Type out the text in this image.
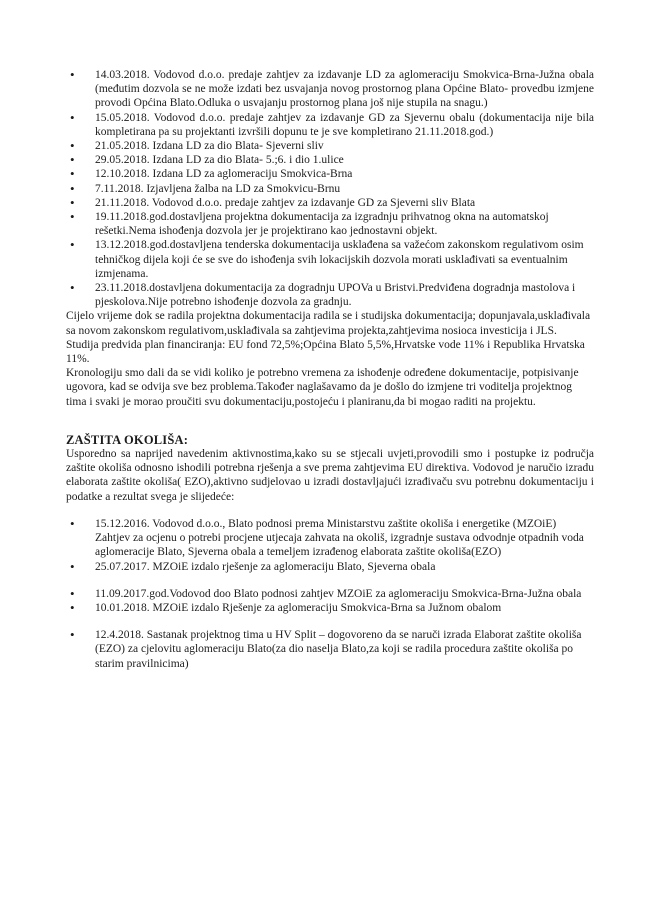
• 14.03.2018. Vodovod d.o.o. predaje zahtjev za izdavanje LD za aglomeraciju Smokvica-Brna-Južna obala (međutim dozvola se ne može izdati bez usvajanja novog prostornog plana Općine Blato- provedbu izmjene provodi Općina Blato.Odluka o usvajanju prostornog plana još nije stupila na snagu.)
• 15.05.2018. Vodovod d.o.o. predaje zahtjev za izdavanje GD za Sjevernu obalu (dokumentacija nije bila kompletirana pa su projektanti izvršili dopunu te je sve kompletirano 21.11.2018.god.)
• 21.05.2018. Izdana LD za dio Blata- Sjeverni sliv
• 29.05.2018. Izdana LD za dio Blata- 5.;6. i dio 1.ulice
• 12.10.2018. Izdana LD za aglomeraciju Smokvica-Brna
• 7.11.2018. Izjavljena žalba na LD za Smokvicu-Brnu
• 21.11.2018. Vodovod d.o.o. predaje zahtjev za izdavanje GD za Sjeverni sliv Blata
• 19.11.2018.god.dostavljena projektna dokumentacija za izgradnju prihvatnog okna na automatskoj rešetki.Nema ishođenja dozvola jer je projektirano kao jednostavni objekt.
• 13.12.2018.god.dostavljena tenderska dokumentacija usklađena sa važećom zakonskom regulativom osim tehničkog dijela koji će se sve do ishođenja svih lokacijskih dozvola morati usklađivati sa eventualnim izmjenama.
• 23.11.2018.dostavljena dokumentacija za dogradnju UPOVa u Bristvi.Predviđena dogradnja mastolova i pjeskolova.Nije potrebno ishođenje dozvola za gradnju.

Cijelo vrijeme dok se radila projektna dokumentacija radila se i studijska dokumentacija; dopunjavala,usklađivala sa novom zakonskom regulativom,usklađivala sa zahtjevima projekta,zahtjevima nosioca investicija i JLS.

Studija predvida plan financiranja: EU fond 72,5%;Općina Blato 5,5%,Hrvatske vode 11% i Republika Hrvatska 11%.

Kronologiju smo dali da se vidi koliko je potrebno vremena za ishođenje određene dokumentacije, potpisivanje ugovora, kad se odvija sve bez problema.Također naglašavamo da je došlo do izmjene tri voditelja projektnog tima i svaki je morao proučiti svu dokumentaciju,postojeću i planiranu,da bi mogao raditi na projektu.

ZAŠTITA OKOLIŠA:

Usporedno sa naprijed navedenim aktivnostima,kako su se stjecali uvjeti,provodili smo i postupke iz područja zaštite okoliša odnosno ishodili potrebna rješenja a sve prema zahtjevima EU direktiva. Vodovod je naručio izradu elaborata zaštite okoliša( EZO),aktivno sudjelovao u izradi dostavljajući izrađivaču svu potrebnu dokumentaciju i podatke a rezultat svega je slijedeće:

• 15.12.2016. Vodovod d.o.o., Blato podnosi prema Ministarstvu zaštite okoliša i energetike (MZOiE) Zahtjev za ocjenu o potrebi procjene utjecaja zahvata na okoliš, izgradnje sustava odvodnje otpadnih voda aglomeracije Blato, Sjeverna obala a temeljem izrađenog elaborata zaštite okoliša(EZO)
• 25.07.2017. MZOiE izdalo rješenje za aglomeraciju Blato, Sjeverna obala
• 11.09.2017.god.Vodovod doo Blato podnosi zahtjev MZOiE za aglomeraciju Smokvica-Brna-Južna obala
• 10.01.2018. MZOiE izdalo Rješenje za aglomeraciju Smokvica-Brna sa Južnom obalom
• 12.4.2018. Sastanak projektnog tima u HV Split – dogovoreno da se naruči izrada Elaborat zaštite okoliša (EZO) za cjelovitu aglomeraciju Blato(za dio naselja Blato,za koji se radila procedura zaštite okoliša po starim pravilnicima)
